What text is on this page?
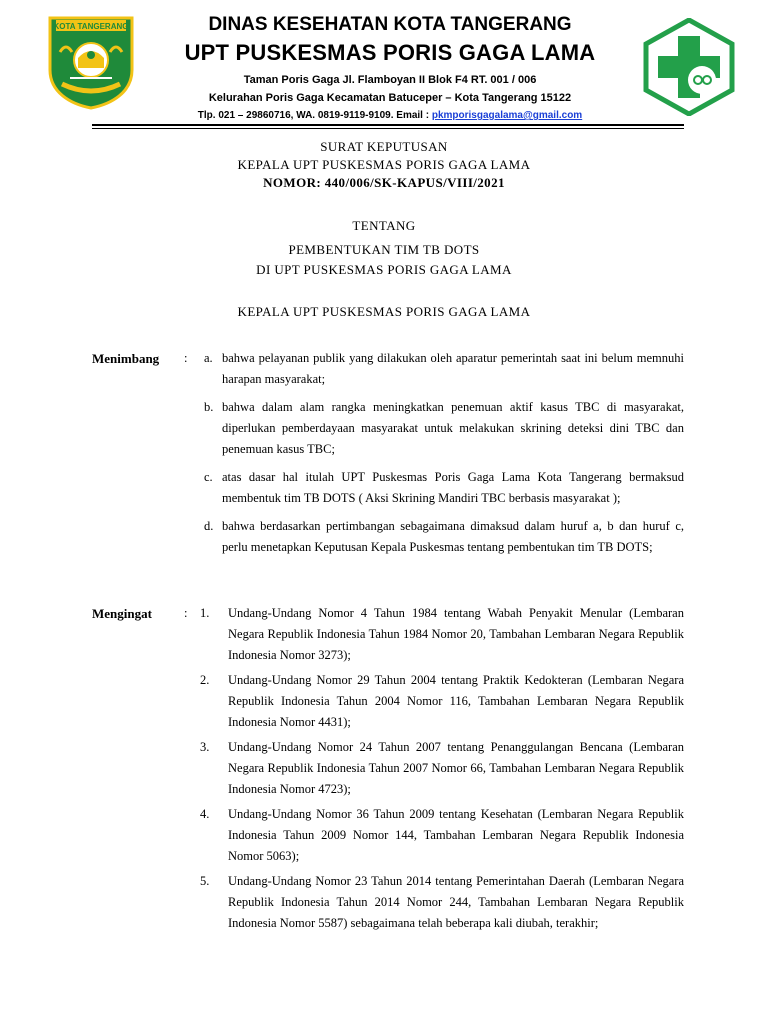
KOTA TANGERANG	DINAS KESEHATAN KOTA TANGERANG
UPT PUSKESMAS PORIS GAGA LAMA
Taman Poris Gaga Jl. Flamboyan II Blok F4 RT. 001 / 006
Kelurahan Poris Gaga Kecamatan Batuceper – Kota Tangerang 15122
Tlp. 021 – 29860716, WA. 0819-9119-9109. Email : pkmporisgagalama@gmail.com
SURAT KEPUTUSAN
KEPALA UPT PUSKESMAS PORIS GAGA LAMA
NOMOR: 440/006/SK-KAPUS/VIII/2021
TENTANG
PEMBENTUKAN TIM TB DOTS
DI UPT PUSKESMAS PORIS GAGA LAMA
KEPALA UPT PUSKESMAS PORIS GAGA LAMA
Menimbang : a. bahwa pelayanan publik yang dilakukan oleh aparatur pemerintah saat ini belum memnuhi harapan masyarakat;
b. bahwa dalam alam rangka meningkatkan penemuan aktif kasus TBC di masyarakat, diperlukan pemberdayaan masyarakat untuk melakukan skrining deteksi dini TBC dan penemuan kasus TBC;
c. atas dasar hal itulah UPT Puskesmas Poris Gaga Lama Kota Tangerang bermaksud membentuk tim TB DOTS ( Aksi Skrining Mandiri TBC berbasis masyarakat );
d. bahwa berdasarkan pertimbangan sebagaimana dimaksud dalam huruf a, b dan huruf c, perlu menetapkan Keputusan Kepala Puskesmas tentang pembentukan tim TB DOTS;
Mengingat	: 1. Undang-Undang Nomor 4 Tahun 1984 tentang Wabah Penyakit Menular (Lembaran Negara Republik Indonesia Tahun 1984 Nomor 20, Tambahan Lembaran Negara Republik Indonesia Nomor 3273);
2. Undang-Undang Nomor 29 Tahun 2004 tentang Praktik Kedokteran (Lembaran Negara Republik Indonesia Tahun 2004 Nomor 116, Tambahan Lembaran Negara Republik Indonesia Nomor 4431);
3. Undang-Undang Nomor 24 Tahun 2007 tentang Penanggulangan Bencana (Lembaran Negara Republik Indonesia Tahun 2007 Nomor 66, Tambahan Lembaran Negara Republik Indonesia Nomor 4723);
4. Undang-Undang Nomor 36 Tahun 2009 tentang Kesehatan (Lembaran Negara Republik Indonesia Tahun 2009 Nomor 144, Tambahan Lembaran Negara Republik Indonesia Nomor 5063);
5. Undang-Undang Nomor 23 Tahun 2014 tentang Pemerintahan Daerah (Lembaran Negara Republik Indonesia Tahun 2014 Nomor 244, Tambahan Lembaran Negara Republik Indonesia Nomor 5587) sebagaimana telah beberapa kali diubah, terakhir;
